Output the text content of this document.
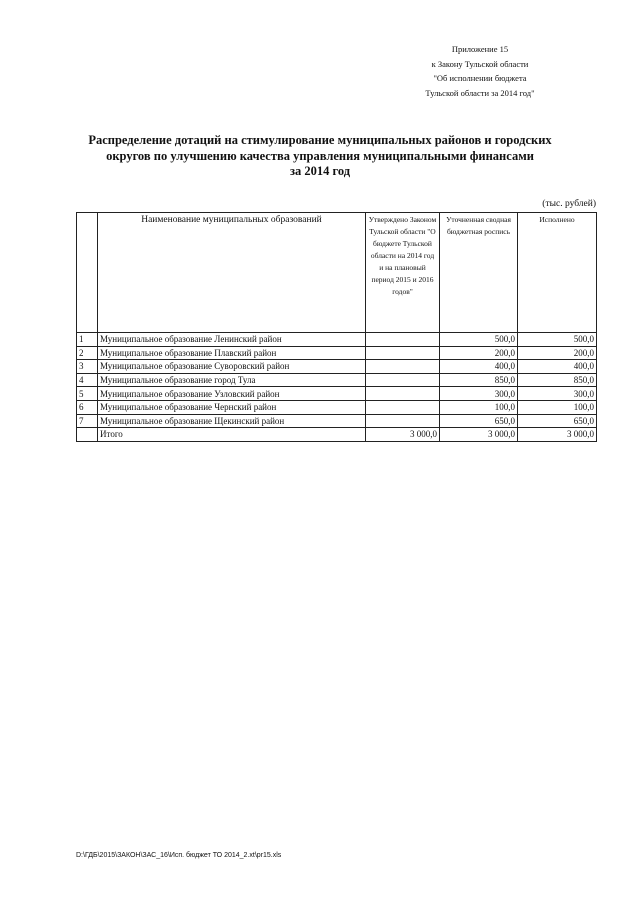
Приложение 15
к Закону Тульской области
"Об исполнении бюджета
Тульской области за 2014 год"
Распределение дотаций на стимулирование муниципальных районов и городских
округов по улучшению качества управления муниципальными финансами
за 2014 год
(тыс. рублей)
	Наименование муниципальных образований	Утверждено Законом Тульской области "О бюджете Тульской области на 2014 год и на плановый период 2015 и 2016 годов"	Уточненная сводная бюджетная роспись	Исполнено
1	Муниципальное образование Ленинский район		500,0	500,0
2	Муниципальное образование Плавский район		200,0	200,0
3	Муниципальное образование Суворовский район		400,0	400,0
4	Муниципальное образование город Тула		850,0	850,0
5	Муниципальное образование Узловский район		300,0	300,0
6	Муниципальное образование Чернский район		100,0	100,0
7	Муниципальное образование Щекинский район		650,0	650,0
	Итого	3 000,0	3 000,0	3 000,0
D:\ГДБ\2015\ЗАКОН\ЗАС_16\Исп. бюджет ТО 2014_2.xt\pr15.xls
